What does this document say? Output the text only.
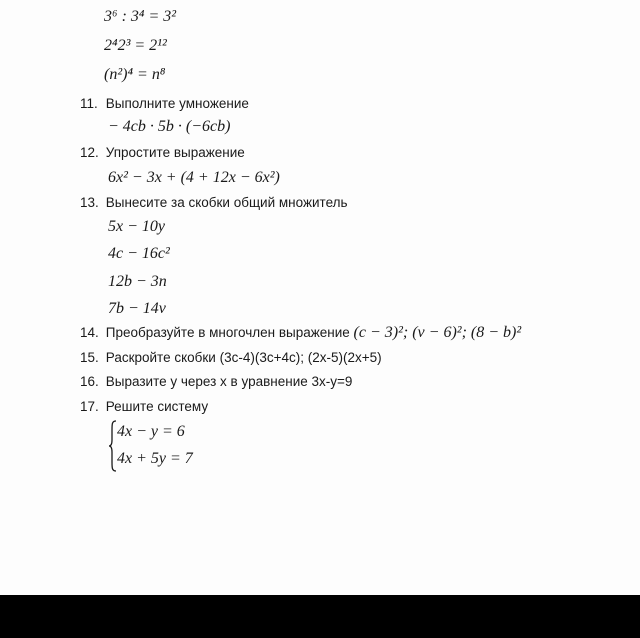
3⁶ : 3⁴ = 3²
2⁴2³ = 2¹²
(n²)⁴ = n⁸
11. Выполните умножение
− 4cb · 5b · (−6cb)
12. Упростите выражение
6x² − 3x + (4 + 12x − 6x²)
13. Вынесите за скобки общий множитель
5x − 10y
4c − 16c²
12b − 3n
7b − 14v
14. Преобразуйте в многочлен выражение (c − 3)²; (v − 6)²; (8 − b)²
15. Раскройте скобки (3с-4)(3с+4с); (2x-5)(2x+5)
16. Выразите у через х в уравнение 3х-у=9
17. Решите систему
4x − y = 6
4x + 5y = 7
